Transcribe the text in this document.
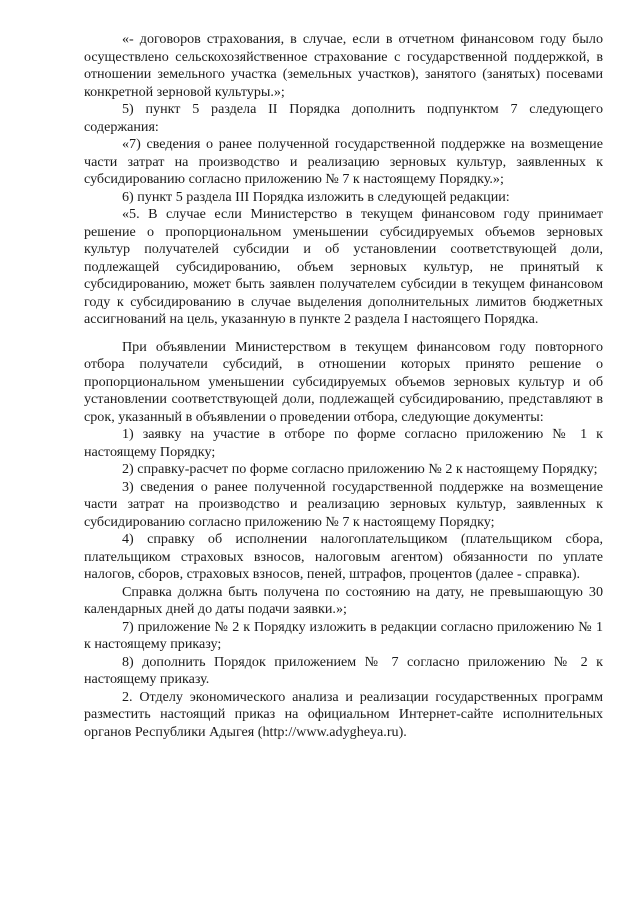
«- договоров страхования, в случае, если в отчетном финансовом году было осуществлено сельскохозяйственное страхование с государственной поддержкой, в отношении земельного участка (земельных участков), занятого (занятых) посевами конкретной зерновой культуры.»;

5) пункт 5 раздела II Порядка дополнить подпунктом 7 следующего содержания:

«7) сведения о ранее полученной государственной поддержке на возмещение части затрат на производство и реализацию зерновых культур, заявленных к субсидированию согласно приложению № 7 к настоящему Порядку.»;

6) пункт 5 раздела III Порядка изложить в следующей редакции:

«5. В случае если Министерство в текущем финансовом году принимает решение о пропорциональном уменьшении субсидируемых объемов зерновых культур получателей субсидии и об установлении соответствующей доли, подлежащей субсидированию, объем зерновых культур, не принятый к субсидированию, может быть заявлен получателем субсидии в текущем финансовом году к субсидированию в случае выделения дополнительных лимитов бюджетных ассигнований на цель, указанную в пункте 2 раздела I настоящего Порядка.

При объявлении Министерством в текущем финансовом году повторного отбора получатели субсидий, в отношении которых принято решение о пропорциональном уменьшении субсидируемых объемов зерновых культур и об установлении соответствующей доли, подлежащей субсидированию, представляют в срок, указанный в объявлении о проведении отбора, следующие документы:

1) заявку на участие в отборе по форме согласно приложению № 1 к настоящему Порядку;

2) справку-расчет по форме согласно приложению № 2 к настоящему Порядку;

3) сведения о ранее полученной государственной поддержке на возмещение части затрат на производство и реализацию зерновых культур, заявленных к субсидированию согласно приложению № 7 к настоящему Порядку;

4) справку об исполнении налогоплательщиком (плательщиком сбора, плательщиком страховых взносов, налоговым агентом) обязанности по уплате налогов, сборов, страховых взносов, пеней, штрафов, процентов (далее - справка).

Справка должна быть получена по состоянию на дату, не превышающую 30 календарных дней до даты подачи заявки.»;

7) приложение № 2 к Порядку изложить в редакции согласно приложению № 1 к настоящему приказу;

8) дополнить Порядок приложением № 7 согласно приложению № 2 к настоящему приказу.

2. Отделу экономического анализа и реализации государственных программ разместить настоящий приказ на официальном Интернет-сайте исполнительных органов Республики Адыгея (http://www.adygheya.ru).
